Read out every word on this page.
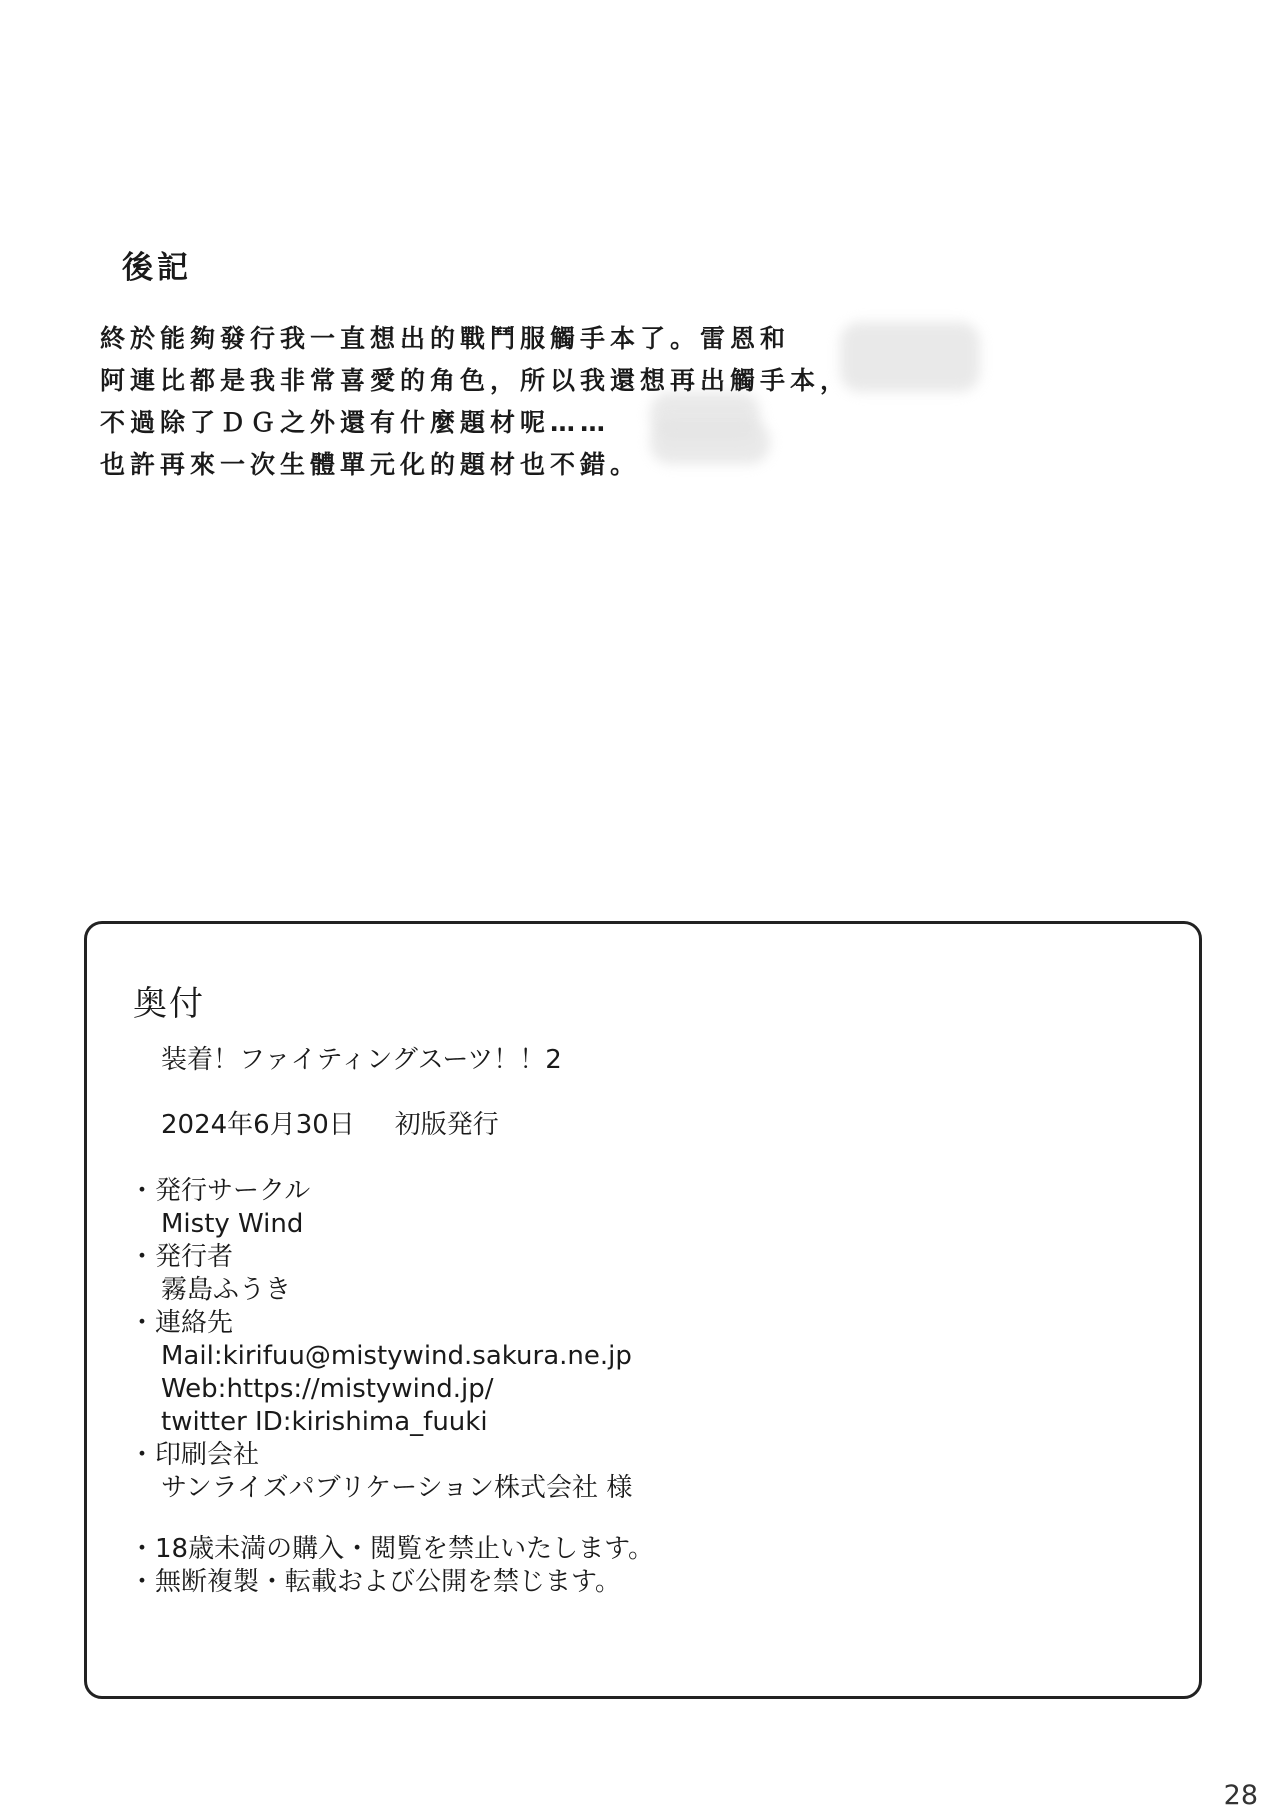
後記
終於能夠發行我一直想出的戰鬥服觸手本了。雷恩和
阿連比都是我非常喜愛的角色，所以我還想再出觸手本，
不過除了ＤＧ之外還有什麼題材呢……
也許再來一次生體單元化的題材也不錯。
奥付
装着！ファイティングスーツ！！2
2024年6月30日 初版発行
・発行サークル
Misty Wind
・発行者
霧島ふうき
・連絡先
Mail:kirifuu@mistywind.sakura.ne.jp
Web:https://mistywind.jp/
twitter ID:kirishima_fuuki
・印刷会社
サンライズパブリケーション株式会社 様
・18歳未満の購入・閲覧を禁止いたします。
・無断複製・転載および公開を禁じます。
28
